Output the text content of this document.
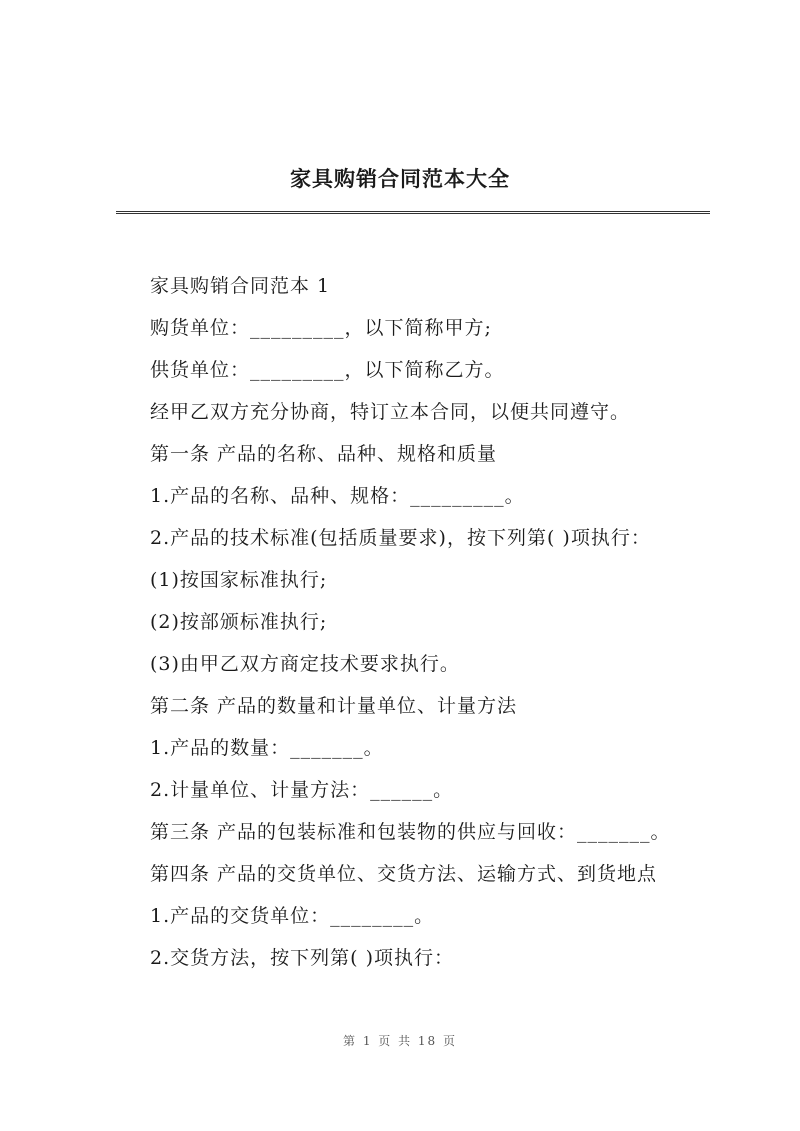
家具购销合同范本大全
家具购销合同范本 1
购货单位：_________，以下简称甲方;
供货单位：_________，以下简称乙方。
经甲乙双方充分协商，特订立本合同，以便共同遵守。
第一条 产品的名称、品种、规格和质量
1.产品的名称、品种、规格：_________。
2.产品的技术标准(包括质量要求)，按下列第( )项执行：
(1)按国家标准执行;
(2)按部颁标准执行;
(3)由甲乙双方商定技术要求执行。
第二条 产品的数量和计量单位、计量方法
1.产品的数量：_______。
2.计量单位、计量方法：______。
第三条 产品的包装标准和包装物的供应与回收：_______。
第四条 产品的交货单位、交货方法、运输方式、到货地点
1.产品的交货单位：________。
2.交货方法，按下列第( )项执行：
第 1 页 共 18 页
